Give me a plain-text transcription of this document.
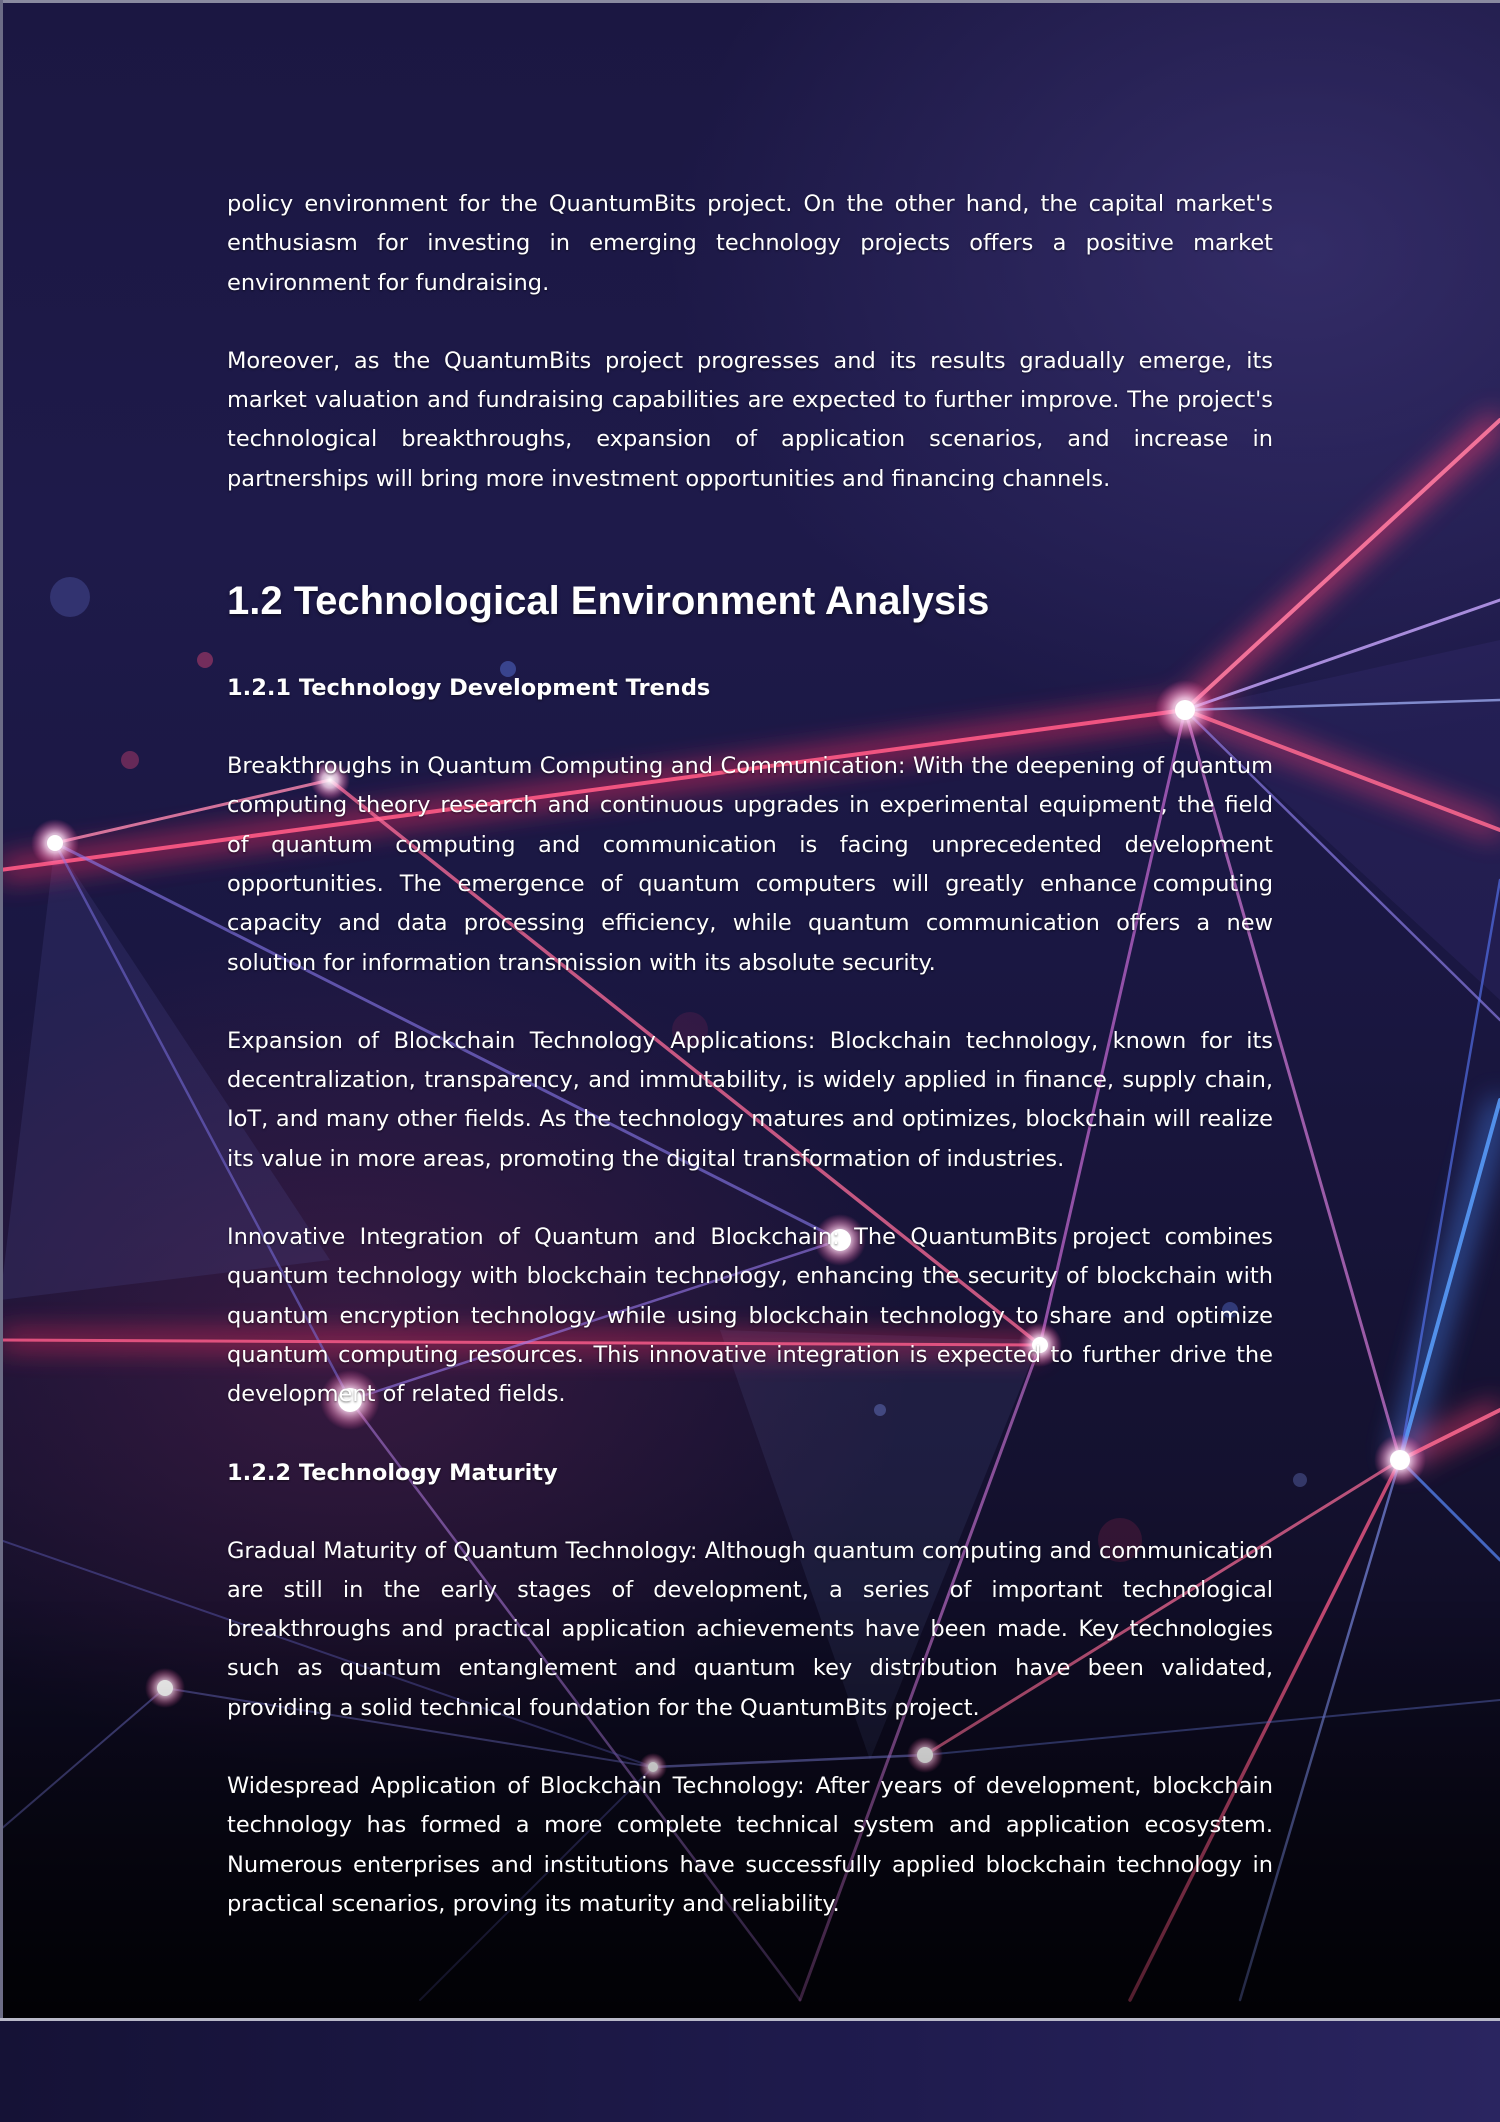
policy environment for the QuantumBits project. On the other hand, the capital market's enthusiasm for investing in emerging technology projects offers a positive market environment for fundraising.

Moreover, as the QuantumBits project progresses and its results gradually emerge, its market valuation and fundraising capabilities are expected to further improve. The project's technological breakthroughs, expansion of application scenarios, and increase in partnerships will bring more investment opportunities and financing channels.

1.2 Technological Environment Analysis
1.2.1 Technology Development Trends

Breakthroughs in Quantum Computing and Communication: With the deepening of quantum computing theory research and continuous upgrades in experimental equipment, the field of quantum computing and communication is facing unprecedented development opportunities. The emergence of quantum computers will greatly enhance computing capacity and data processing efficiency, while quantum communication offers a new solution for information transmission with its absolute security.

Expansion of Blockchain Technology Applications: Blockchain technology, known for its decentralization, transparency, and immutability, is widely applied in finance, supply chain, IoT, and many other fields. As the technology matures and optimizes, blockchain will realize its value in more areas, promoting the digital transformation of industries.

Innovative Integration of Quantum and Blockchain: The QuantumBits project combines quantum technology with blockchain technology, enhancing the security of blockchain with quantum encryption technology while using blockchain technology to share and optimize quantum computing resources. This innovative integration is expected to further drive the development of related fields.

1.2.2 Technology Maturity

Gradual Maturity of Quantum Technology: Although quantum computing and communication are still in the early stages of development, a series of important technological breakthroughs and practical application achievements have been made. Key technologies such as quantum entanglement and quantum key distribution have been validated, providing a solid technical foundation for the QuantumBits project.

Widespread Application of Blockchain Technology: After years of development, blockchain technology has formed a more complete technical system and application ecosystem. Numerous enterprises and institutions have successfully applied blockchain technology in practical scenarios, proving its maturity and reliability.
